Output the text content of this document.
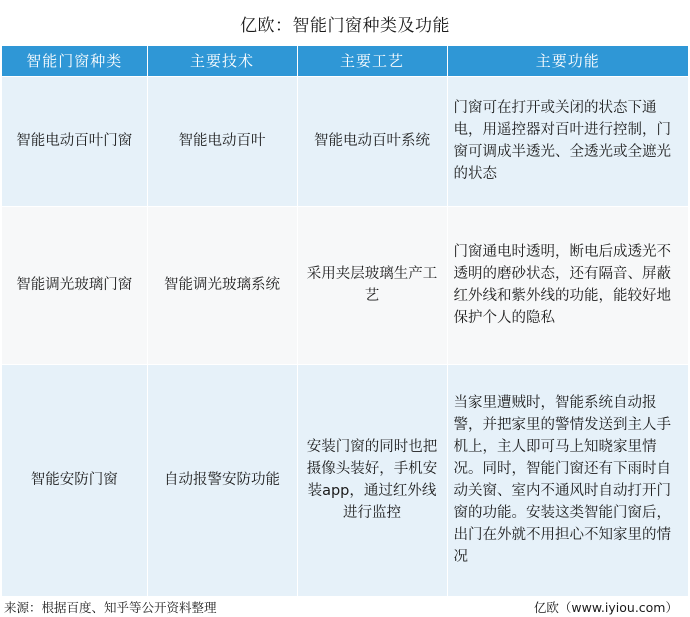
亿欧：智能门窗种类及功能
智能门窗种类	主要技术	主要工艺	主要功能
智能电动百叶门窗	智能电动百叶	智能电动百叶系统	门窗可在打开或关闭的状态下通电，用遥控器对百叶进行控制，门窗可调成半透光、全透光或全遮光的状态
智能调光玻璃门窗	智能调光玻璃系统	采用夹层玻璃生产工艺	门窗通电时透明，断电后成透光不透明的磨砂状态，还有隔音、屏蔽红外线和紫外线的功能，能较好地保护个人的隐私
智能安防门窗	自动报警安防功能	安装门窗的同时也把摄像头装好，手机安装app，通过红外线进行监控	当家里遭贼时，智能系统自动报警，并把家里的警情发送到主人手机上，主人即可马上知晓家里情况。同时，智能门窗还有下雨时自动关窗、室内不通风时自动打开门窗的功能。安装这类智能门窗后，出门在外就不用担心不知家里的情况
来源：根据百度、知乎等公开资料整理	亿欧（www.iyiou.com）
